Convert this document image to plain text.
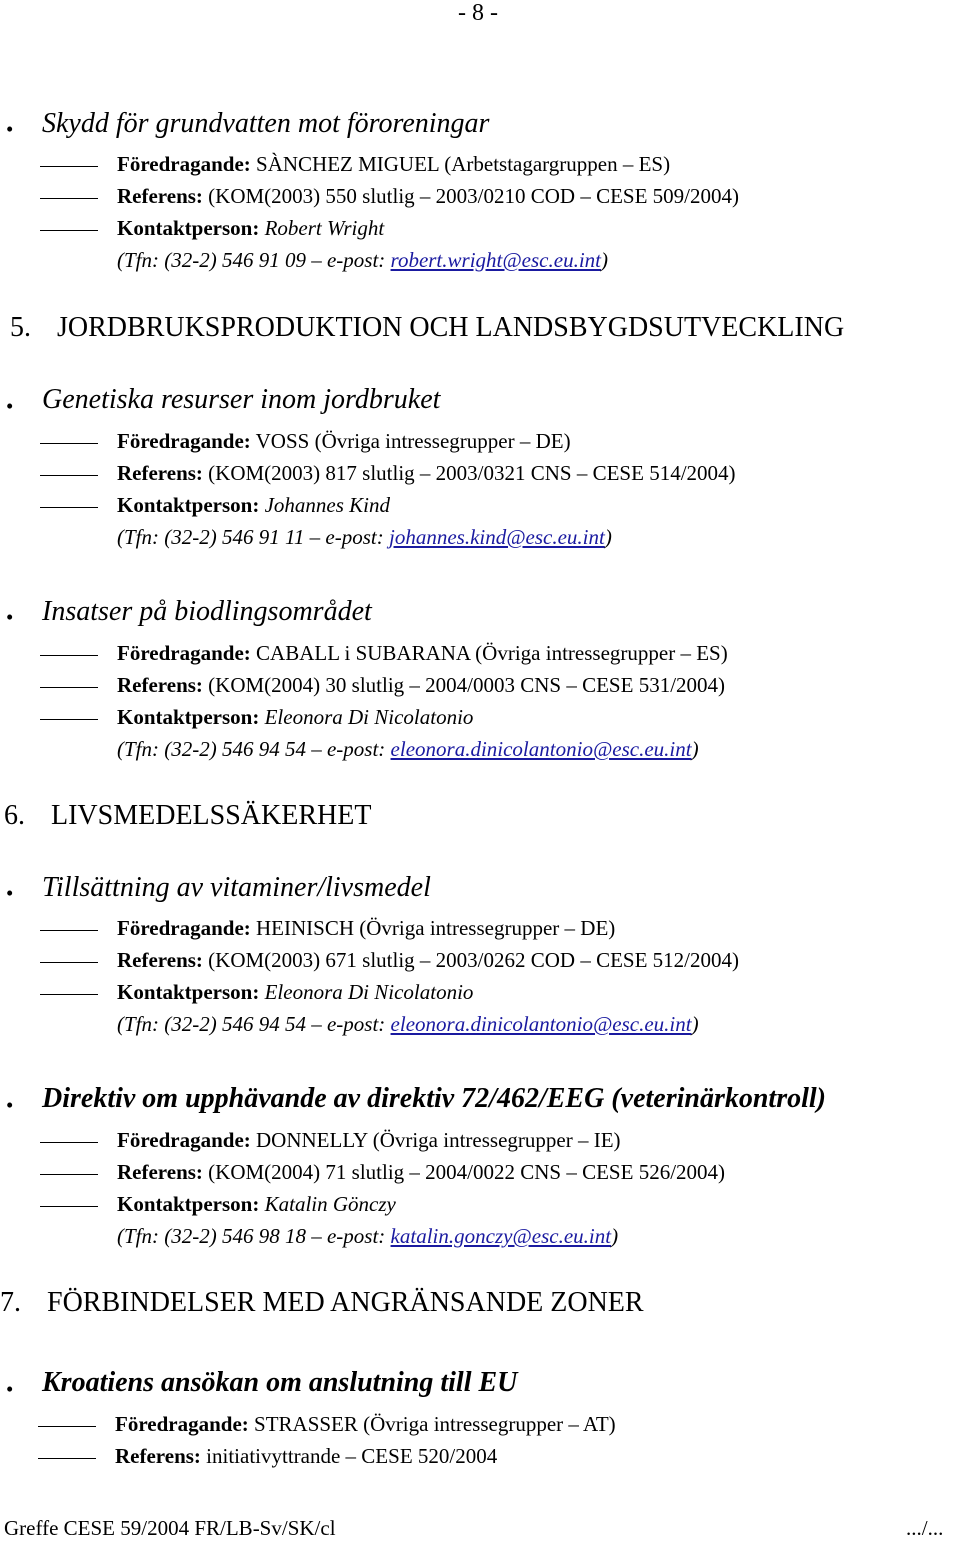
- 8 -
• Skydd för grundvatten mot föroreningar
Föredragande: SÀNCHEZ MIGUEL (Arbetstagargruppen – ES)
Referens: (KOM(2003) 550 slutlig – 2003/0210 COD – CESE 509/2004)
Kontaktperson: Robert Wright
(Tfn: (32-2) 546 91 09 – e-post: robert.wright@esc.eu.int)
5. JORDBRUKSPRODUKTION OCH LANDSBYGDSUTVECKLING
• Genetiska resurser inom jordbruket
Föredragande: VOSS (Övriga intressegrupper – DE)
Referens: (KOM(2003) 817 slutlig – 2003/0321 CNS – CESE 514/2004)
Kontaktperson: Johannes Kind
(Tfn: (32-2) 546 91 11 – e-post: johannes.kind@esc.eu.int)
• Insatser på biodlingsområdet
Föredragande: CABALL i SUBARANA (Övriga intressegrupper – ES)
Referens: (KOM(2004) 30 slutlig – 2004/0003 CNS – CESE 531/2004)
Kontaktperson: Eleonora Di Nicolatonio
(Tfn: (32-2) 546 94 54 – e-post: eleonora.dinicolantonio@esc.eu.int)
6. LIVSMEDELSSÄKERHET
• Tillsättning av vitaminer/livsmedel
Föredragande: HEINISCH (Övriga intressegrupper – DE)
Referens: (KOM(2003) 671 slutlig – 2003/0262 COD – CESE 512/2004)
Kontaktperson: Eleonora Di Nicolatonio
(Tfn: (32-2) 546 94 54 – e-post: eleonora.dinicolantonio@esc.eu.int)
• Direktiv om upphävande av direktiv 72/462/EEG (veterinärkontroll)
Föredragande: DONNELLY (Övriga intressegrupper – IE)
Referens: (KOM(2004) 71 slutlig – 2004/0022 CNS – CESE 526/2004)
Kontaktperson: Katalin Gönczy
(Tfn: (32-2) 546 98 18 – e-post: katalin.gonczy@esc.eu.int)
7. FÖRBINDELSER MED ANGRÄNSANDE ZONER
• Kroatiens ansökan om anslutning till EU
Föredragande: STRASSER (Övriga intressegrupper – AT)
Referens: initiativyttrande – CESE 520/2004
Greffe CESE 59/2004 FR/LB-Sv/SK/cl	.../...
